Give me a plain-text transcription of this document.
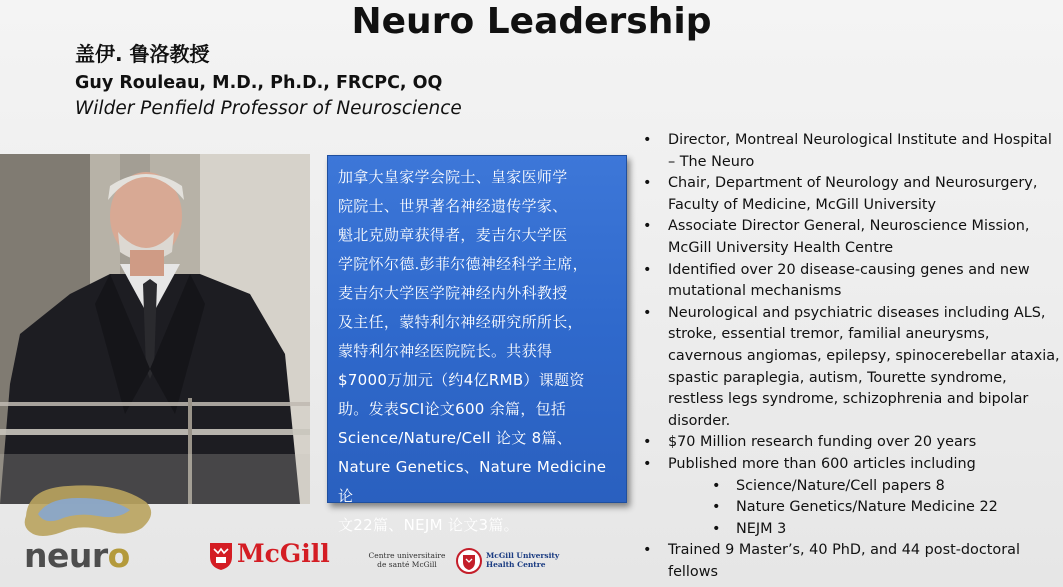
Neuro Leadership
盖伊. 鲁洛教授
Guy Rouleau, M.D., Ph.D., FRCPC, OQ
Wilder Penfield Professor of Neuroscience
加拿大皇家学会院士、皇家医师学
院院士、世界著名神经遗传学家、
魁北克勋章获得者，麦吉尔大学医
学院怀尔德.彭菲尔德神经科学主席，
麦吉尔大学医学院神经内外科教授
及主任，蒙特利尔神经研究所所长，
蒙特利尔神经医院院长。共获得
$7000万加元（约4亿RMB）课题资
助。发表SCI论文600 余篇，包括
Science/Nature/Cell 论文 8篇、
Nature Genetics、Nature Medicine 论
文22篇、NEJM 论文3篇。
• Director, Montreal Neurological Institute and Hospital
– The Neuro
• Chair, Department of Neurology and Neurosurgery,
Faculty of Medicine, McGill University
• Associate Director General, Neuroscience Mission,
McGill University Health Centre
• Identified over 20 disease-causing genes and new
mutational mechanisms
• Neurological and psychiatric diseases including ALS,
stroke, essential tremor, familial aneurysms,
cavernous angiomas, epilepsy, spinocerebellar ataxia,
spastic paraplegia, autism, Tourette syndrome,
restless legs syndrome, schizophrenia and bipolar
disorder.
• $70 Million research funding over 20 years
• Published more than 600 articles including
• Science/Nature/Cell papers 8
• Nature Genetics/Nature Medicine 22
• NEJM 3
• Trained 9 Master’s, 40 PhD, and 44 post-doctoral
fellows
neuro	McGill	Centre universitaire
de santé McGill
McGill University
Health Centre
